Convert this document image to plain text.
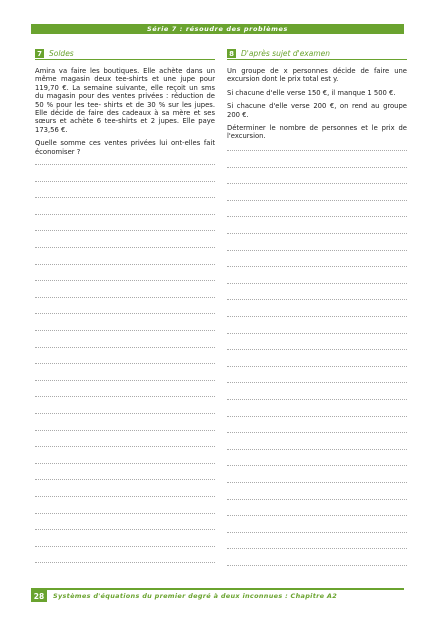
Série 7 : résoudre des problèmes
7 Soldes

Amira va faire les boutiques. Elle achète dans un même magasin deux tee-shirts et une jupe pour 119,70 €. La semaine suivante, elle reçoit un sms du magasin pour des ventes privées : réduction de 50 % pour les tee- shirts et de 30 % sur les jupes. Elle décide de faire des cadeaux à sa mère et ses sœurs et achète 6 tee-shirts et 2 jupes. Elle paye 173,56 €.

Quelle somme ces ventes privées lui ont-elles fait économiser ?

8 D'après sujet d'examen

Un groupe de x personnes décide de faire une excursion dont le prix total est y.

Si chacune d'elle verse 150 €, il manque 1 500 €.

Si chacune d'elle verse 200 €, on rend au groupe 200 €.

Déterminer le nombre de personnes et le prix de l'excursion.

28	Systèmes d'équations du premier degré à deux inconnues : Chapitre A2
